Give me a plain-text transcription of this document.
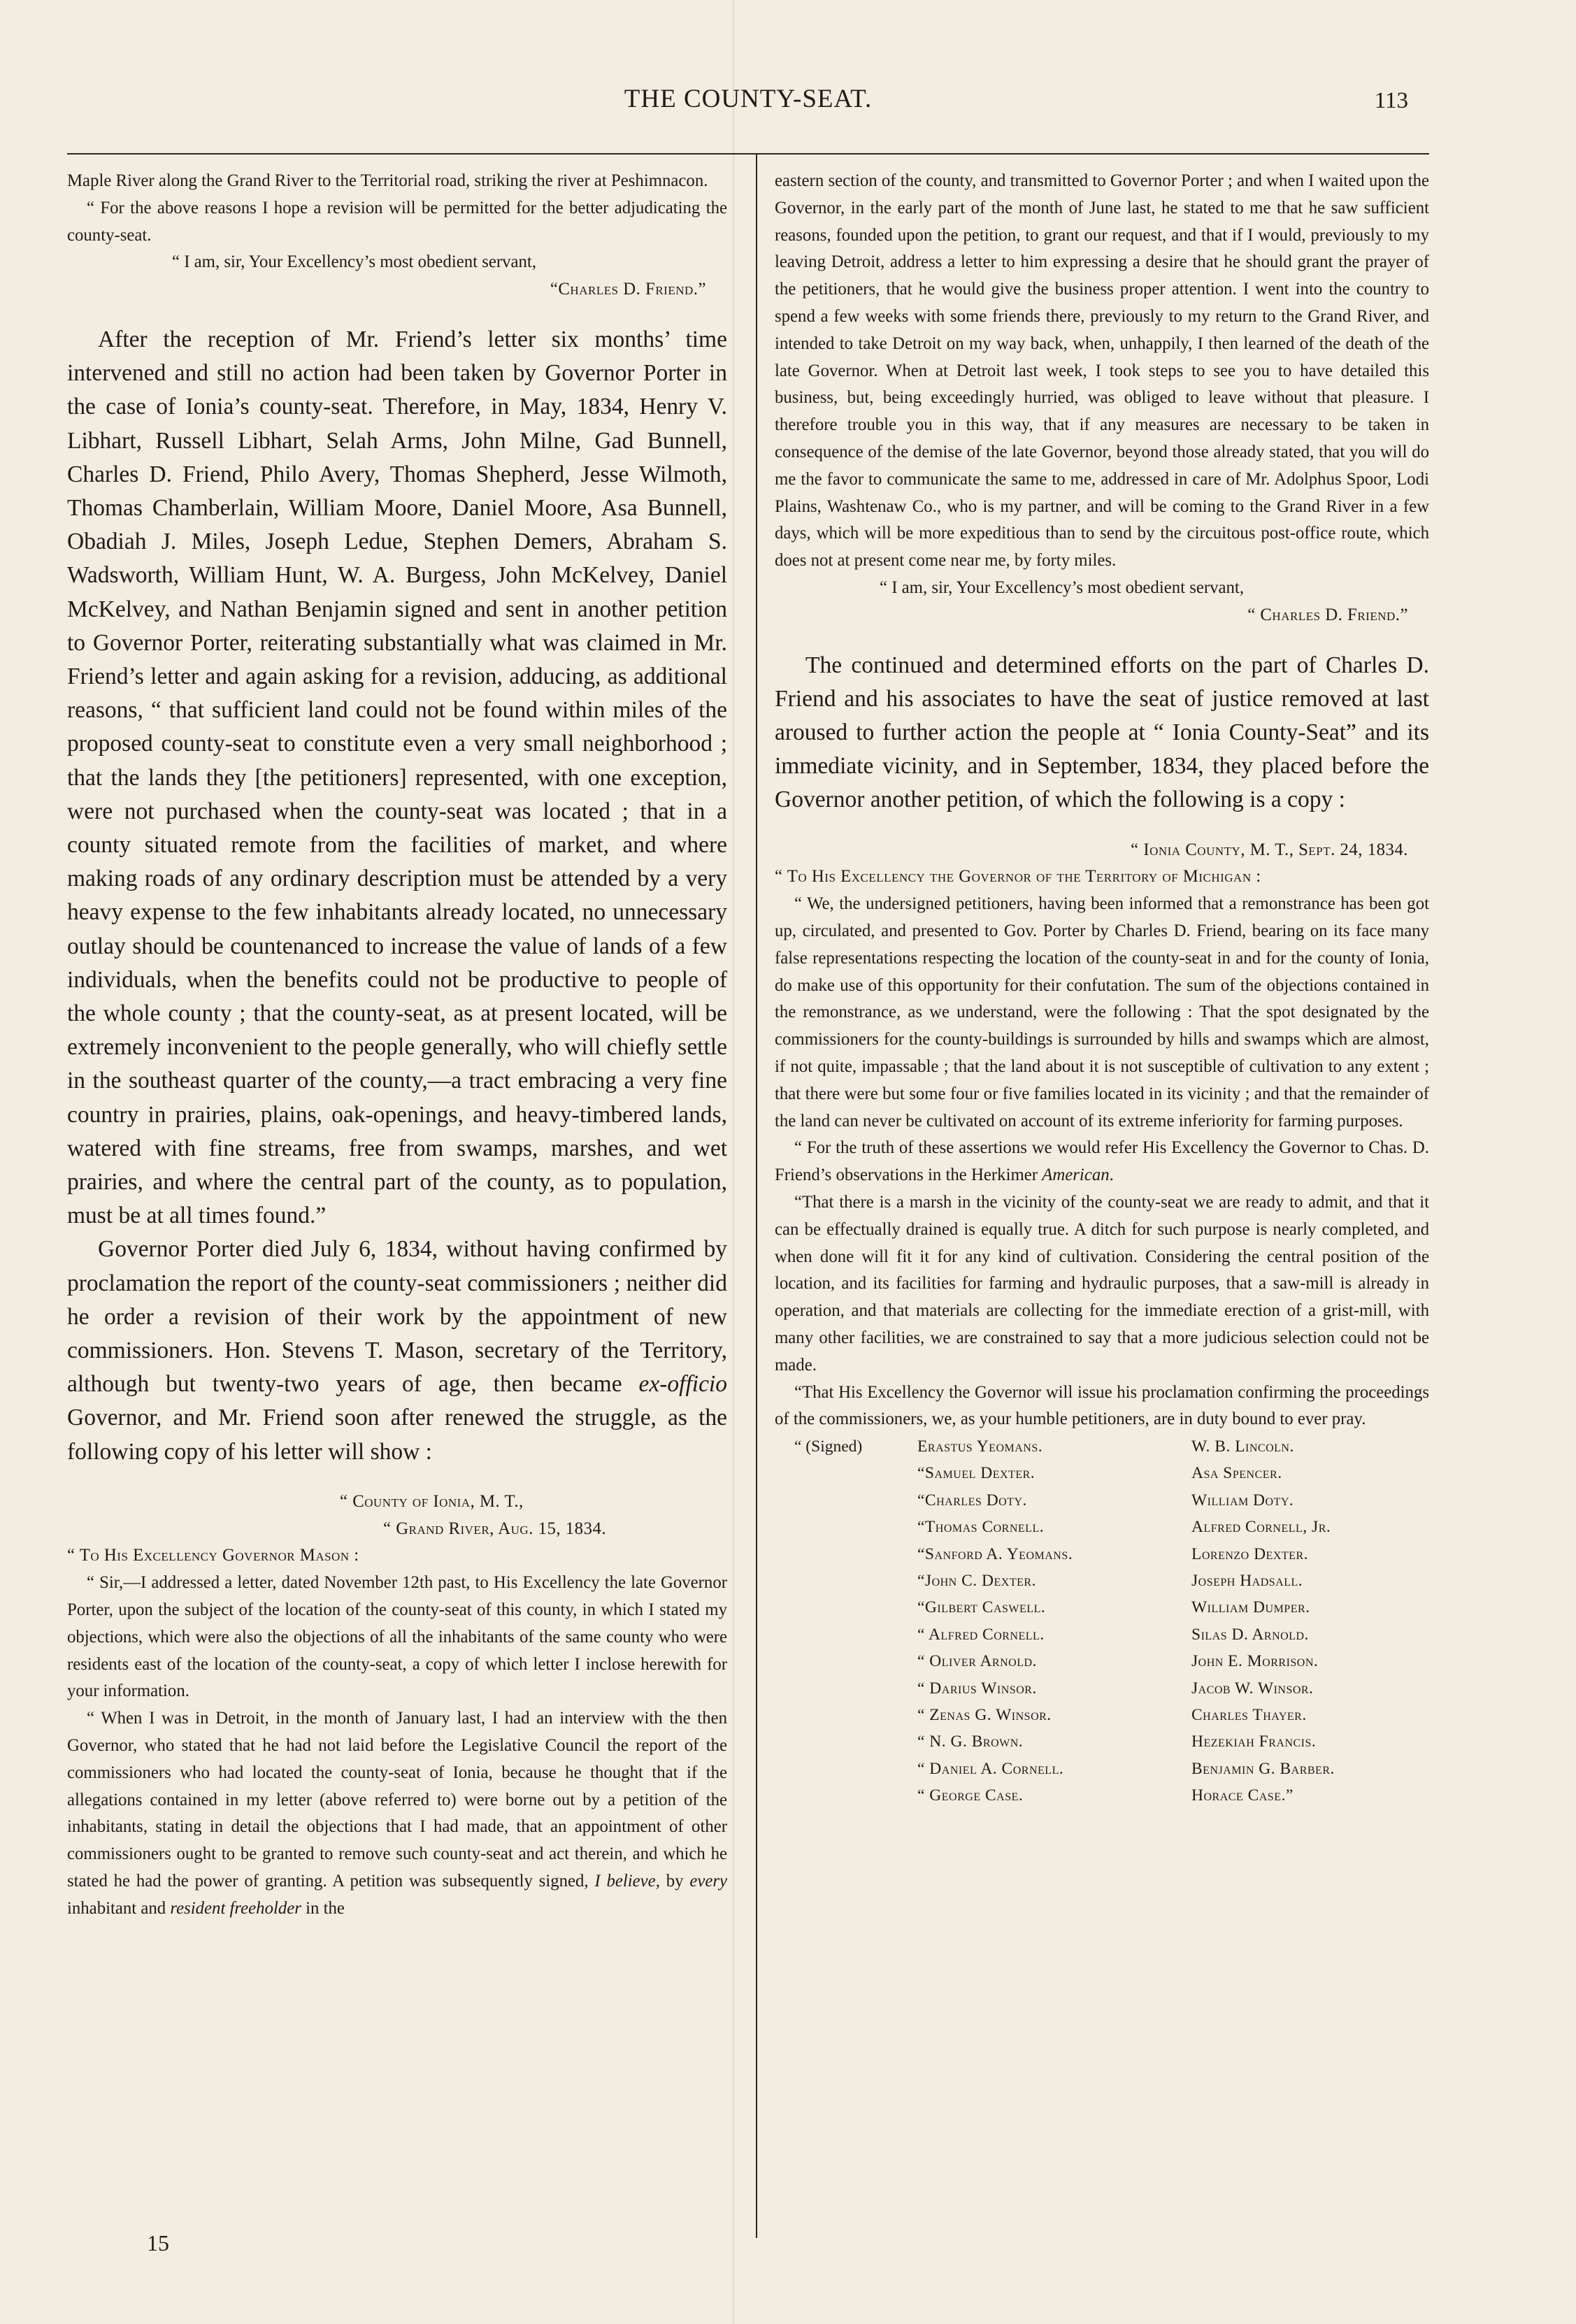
THE COUNTY-SEAT.	113

Maple River along the Grand River to the Territorial road, striking the river at Peshimnacon.

“ For the above reasons I hope a revision will be permitted for the better adjudicating the county-seat.

“ I am, sir, Your Excellency’s most obedient servant,

“Charles D. Friend.”

After the reception of Mr. Friend’s letter six months’ time intervened and still no action had been taken by Governor Porter in the case of Ionia’s county-seat. Therefore, in May, 1834, Henry V. Libhart, Russell Libhart, Selah Arms, John Milne, Gad Bunnell, Charles D. Friend, Philo Avery, Thomas Shepherd, Jesse Wilmoth, Thomas Chamberlain, William Moore, Daniel Moore, Asa Bunnell, Obadiah J. Miles, Joseph Ledue, Stephen Demers, Abraham S. Wadsworth, William Hunt, W. A. Burgess, John McKelvey, Daniel McKelvey, and Nathan Benjamin signed and sent in another petition to Governor Porter, reiterating substantially what was claimed in Mr. Friend’s letter and again asking for a revision, adducing, as additional reasons, “ that sufficient land could not be found within miles of the proposed county-seat to constitute even a very small neighborhood ; that the lands they [the petitioners] represented, with one exception, were not purchased when the county-seat was located ; that in a county situated remote from the facilities of market, and where making roads of any ordinary description must be attended by a very heavy expense to the few inhabitants already located, no unnecessary outlay should be countenanced to increase the value of lands of a few individuals, when the benefits could not be productive to people of the whole county ; that the county-seat, as at present located, will be extremely inconvenient to the people generally, who will chiefly settle in the southeast quarter of the county,—a tract embracing a very fine country in prairies, plains, oak-openings, and heavy-timbered lands, watered with fine streams, free from swamps, marshes, and wet prairies, and where the central part of the county, as to population, must be at all times found.”

Governor Porter died July 6, 1834, without having confirmed by proclamation the report of the county-seat commissioners ; neither did he order a revision of their work by the appointment of new commissioners. Hon. Stevens T. Mason, secretary of the Territory, although but twenty-two years of age, then became ex-officio Governor, and Mr. Friend soon after renewed the struggle, as the following copy of his letter will show :

“ County of Ionia, M. T.,

“ Grand River, Aug. 15, 1834.

“ To His Excellency Governor Mason :

“ Sir,—I addressed a letter, dated November 12th past, to His Excellency the late Governor Porter, upon the subject of the location of the county-seat of this county, in which I stated my objections, which were also the objections of all the inhabitants of the same county who were residents east of the location of the county-seat, a copy of which letter I inclose herewith for your information.

“ When I was in Detroit, in the month of January last, I had an interview with the then Governor, who stated that he had not laid before the Legislative Council the report of the commissioners who had located the county-seat of Ionia, because he thought that if the allegations contained in my letter (above referred to) were borne out by a petition of the inhabitants, stating in detail the objections that I had made, that an appointment of other commissioners ought to be granted to remove such county-seat and act therein, and which he stated he had the power of granting. A petition was subsequently signed, I believe, by every inhabitant and resident freeholder in the

eastern section of the county, and transmitted to Governor Porter ; and when I waited upon the Governor, in the early part of the month of June last, he stated to me that he saw sufficient reasons, founded upon the petition, to grant our request, and that if I would, previously to my leaving Detroit, address a letter to him expressing a desire that he should grant the prayer of the petitioners, that he would give the business proper attention. I went into the country to spend a few weeks with some friends there, previously to my return to the Grand River, and intended to take Detroit on my way back, when, unhappily, I then learned of the death of the late Governor. When at Detroit last week, I took steps to see you to have detailed this business, but, being exceedingly hurried, was obliged to leave without that pleasure. I therefore trouble you in this way, that if any measures are necessary to be taken in consequence of the demise of the late Governor, beyond those already stated, that you will do me the favor to communicate the same to me, addressed in care of Mr. Adolphus Spoor, Lodi Plains, Washtenaw Co., who is my partner, and will be coming to the Grand River in a few days, which will be more expeditious than to send by the circuitous post-office route, which does not at present come near me, by forty miles.

“ I am, sir, Your Excellency’s most obedient servant,

“ Charles D. Friend.”

The continued and determined efforts on the part of Charles D. Friend and his associates to have the seat of justice removed at last aroused to further action the people at “ Ionia County-Seat” and its immediate vicinity, and in September, 1834, they placed before the Governor another petition, of which the following is a copy :

“ Ionia County, M. T., Sept. 24, 1834.

“ To His Excellency the Governor of the Territory of Michigan :

“ We, the undersigned petitioners, having been informed that a remonstrance has been got up, circulated, and presented to Gov. Porter by Charles D. Friend, bearing on its face many false representations respecting the location of the county-seat in and for the county of Ionia, do make use of this opportunity for their confutation. The sum of the objections contained in the remonstrance, as we understand, were the following : That the spot designated by the commissioners for the county-buildings is surrounded by hills and swamps which are almost, if not quite, impassable ; that the land about it is not susceptible of cultivation to any extent ; that there were but some four or five families located in its vicinity ; and that the remainder of the land can never be cultivated on account of its extreme inferiority for farming purposes.

“ For the truth of these assertions we would refer His Excellency the Governor to Chas. D. Friend’s observations in the Herkimer American.

“That there is a marsh in the vicinity of the county-seat we are ready to admit, and that it can be effectually drained is equally true. A ditch for such purpose is nearly completed, and when done will fit it for any kind of cultivation. Considering the central position of the location, and its facilities for farming and hydraulic purposes, that a saw-mill is already in operation, and that materials are collecting for the immediate erection of a grist-mill, with many other facilities, we are constrained to say that a more judicious selection could not be made.

“That His Excellency the Governor will issue his proclamation confirming the proceedings of the commissioners, we, as your humble petitioners, are in duty bound to ever pray.

“ (Signed)	Erastus Yeomans.
“Samuel Dexter.
“Charles Doty.
“Thomas Cornell.
“Sanford A. Yeomans.
“John C. Dexter.
“Gilbert Caswell.
“ Alfred Cornell.
“ Oliver Arnold.
“ Darius Winsor.
“ Zenas G. Winsor.
“ N. G. Brown.
“ Daniel A. Cornell.
“ George Case.
W. B. Lincoln.
Asa Spencer.
William Doty.
Alfred Cornell, Jr.
Lorenzo Dexter.
Joseph Hadsall.
William Dumper.
Silas D. Arnold.
John E. Morrison.
Jacob W. Winsor.
Charles Thayer.
Hezekiah Francis.
Benjamin G. Barber.
Horace Case.”
15
